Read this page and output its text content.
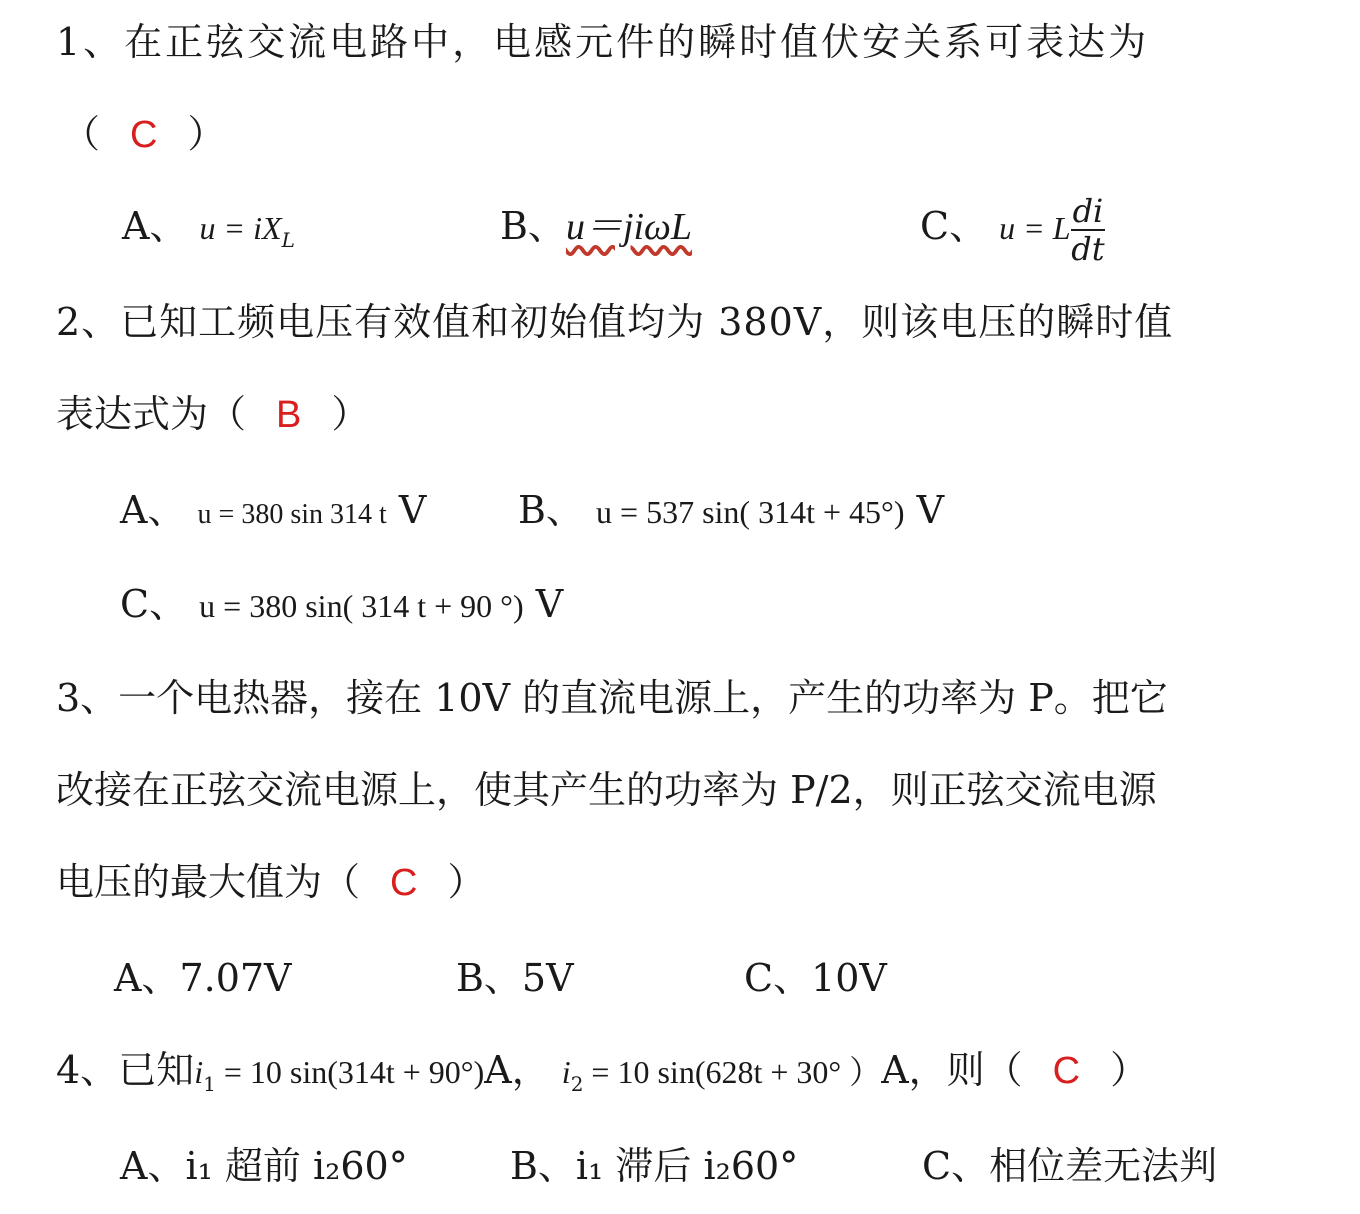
1、在正弦交流电路中，电感元件的瞬时值伏安关系可表达为
（ C ）
A、 $u = iX_L$	B、u＝jiωL	C、 u = L $\frac{di}{dt}$
2、已知工频电压有效值和初始值均为 380V，则该电压的瞬时值
表达式为（ B ）
A、 u = 380 sin 314 t V B、 u = 537 sin( 314t + 45°) V
C、 u = 380 sin( 314 t + 90 °) V
3、一个电热器，接在 10V 的直流电源上，产生的功率为 P。把它
改接在正弦交流电源上，使其产生的功率为 P/2，则正弦交流电源
电压的最大值为（ C ）
A、7.07V	B、5V	C、10V
4、已知$i_1 = 10$ sin(314t + 90°)A， $i_2 = 10$ sin(628t + 30° ）A，则（ C ）
A、i₁ 超前 i₂60°	B、i₁ 滞后 i₂60°	C、相位差无法判
